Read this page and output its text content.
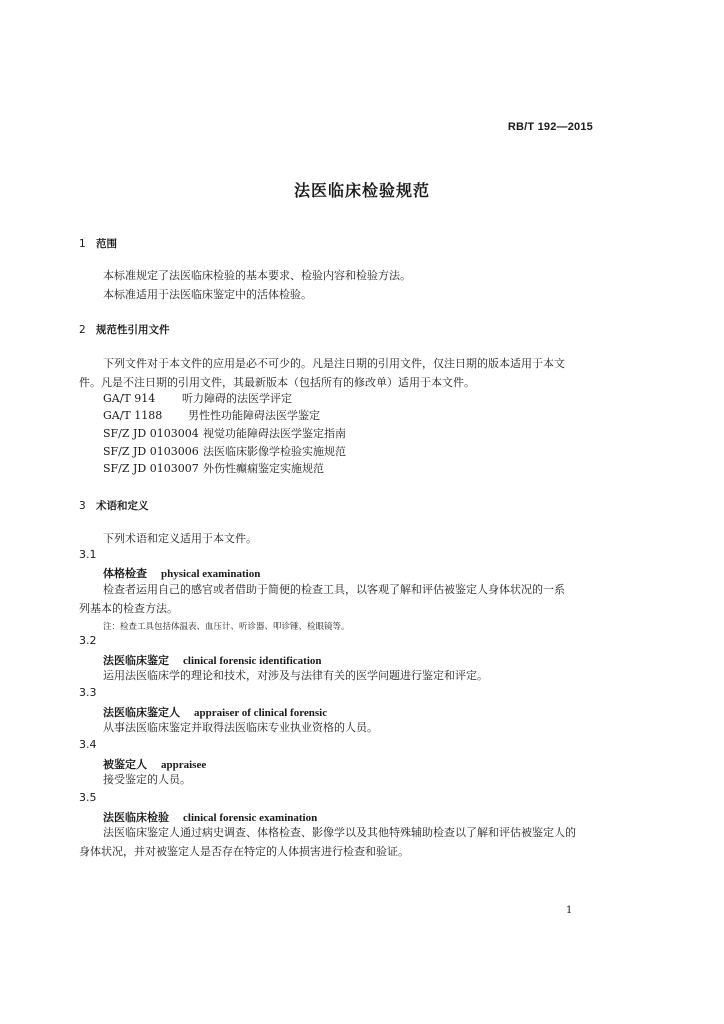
RB/T 192—2015
法医临床检验规范
1 范围
本标准规定了法医临床检验的基本要求、检验内容和检验方法。
本标准适用于法医临床鉴定中的活体检验。
2 规范性引用文件
下列文件对于本文件的应用是必不可少的。凡是注日期的引用文件，仅注日期的版本适用于本文
件。凡是不注日期的引用文件，其最新版本（包括所有的修改单）适用于本文件。
GA/T 914 听力障碍的法医学评定
GA/T 1188 男性性功能障碍法医学鉴定
SF/Z JD 0103004 视觉功能障碍法医学鉴定指南
SF/Z JD 0103006 法医临床影像学检验实施规范
SF/Z JD 0103007 外伤性癫痫鉴定实施规范
3 术语和定义
下列术语和定义适用于本文件。
3.1
体格检查 physical examination
检查者运用自己的感官或者借助于简便的检查工具，以客观了解和评估被鉴定人身体状况的一系
列基本的检查方法。
注：检查工具包括体温表、血压计、听诊器、叩诊锤、检眼镜等。
3.2
法医临床鉴定 clinical forensic identification
运用法医临床学的理论和技术，对涉及与法律有关的医学问题进行鉴定和评定。
3.3
法医临床鉴定人 appraiser of clinical forensic
从事法医临床鉴定并取得法医临床专业执业资格的人员。
3.4
被鉴定人 appraisee
接受鉴定的人员。
3.5
法医临床检验 clinical forensic examination
法医临床鉴定人通过病史调查、体格检查、影像学以及其他特殊辅助检查以了解和评估被鉴定人的
身体状况，并对被鉴定人是否存在特定的人体损害进行检查和验证。
1
